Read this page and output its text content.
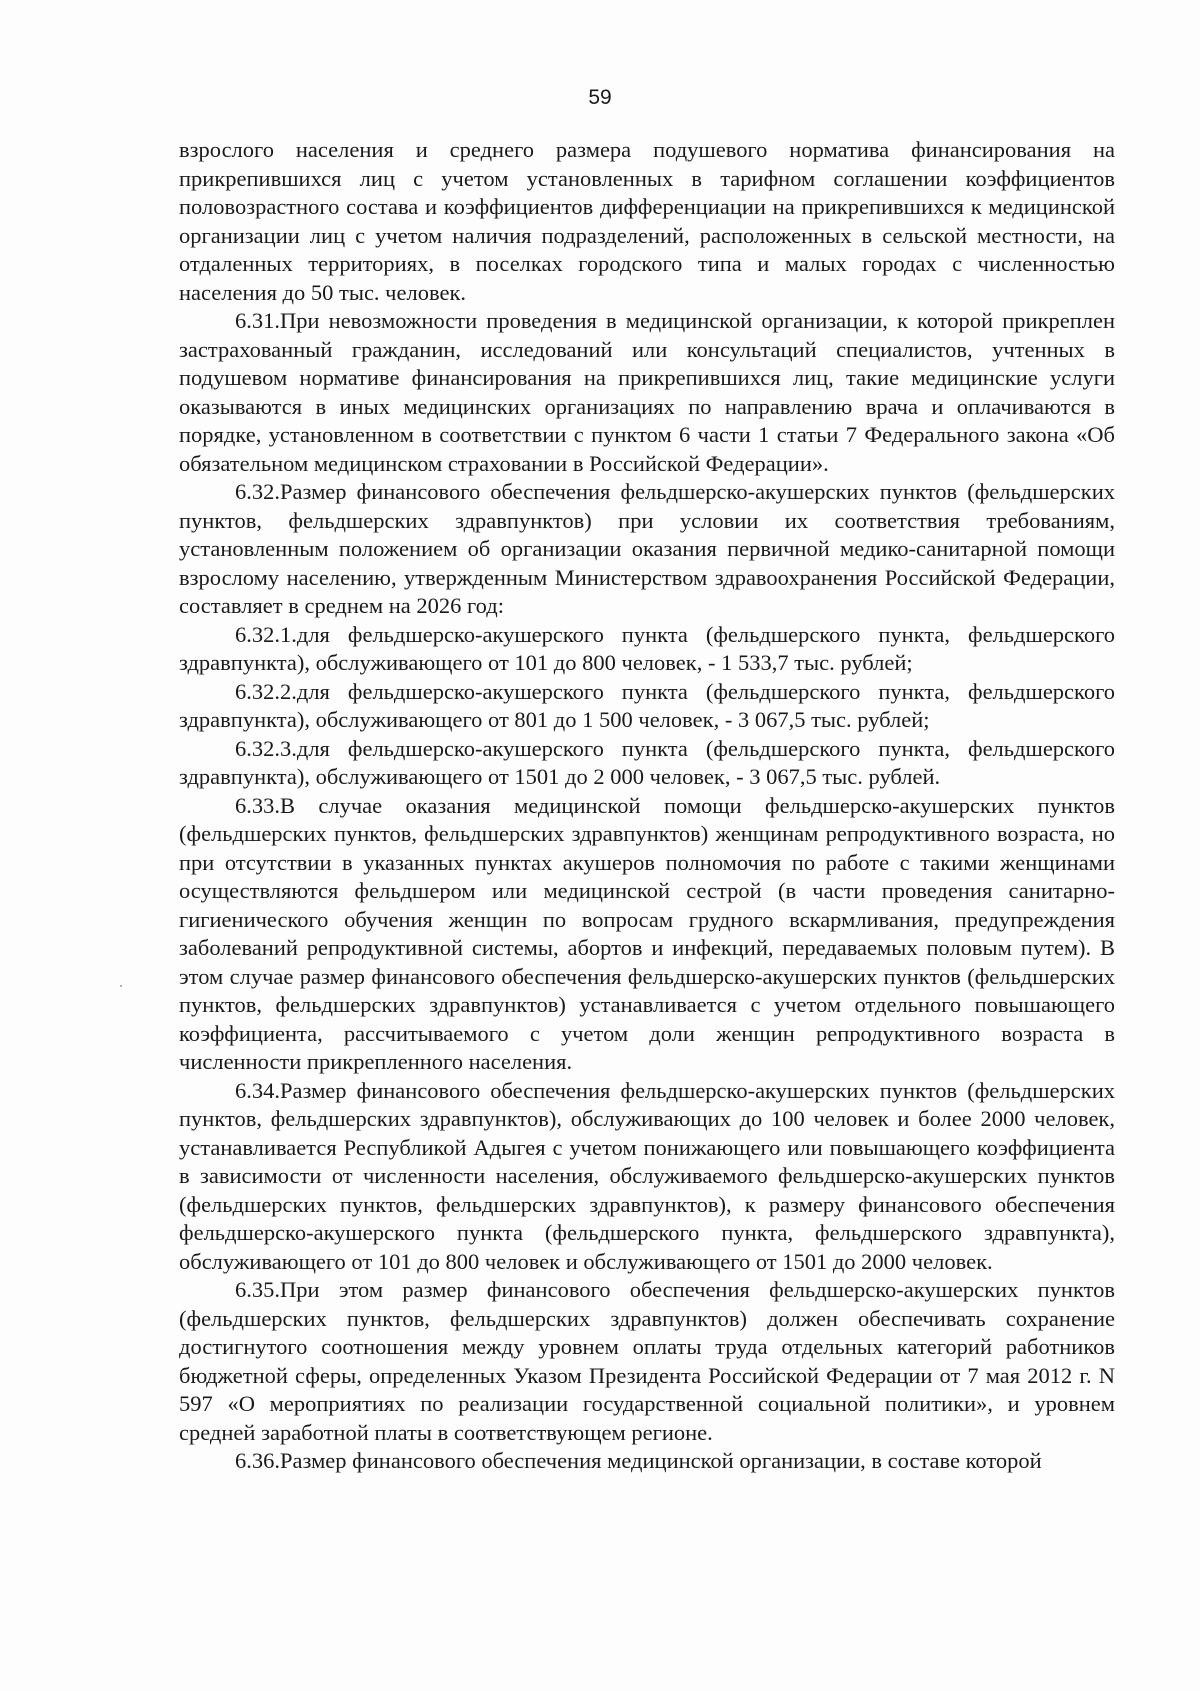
59

взрослого населения и среднего размера подушевого норматива финансирования на прикрепившихся лиц с учетом установленных в тарифном соглашении коэффициентов половозрастного состава и коэффициентов дифференциации на прикрепившихся к медицинской организации лиц с учетом наличия подразделений, расположенных в сельской местности, на отдаленных территориях, в поселках городского типа и малых городах с численностью населения до 50 тыс. человек.

6.31.При невозможности проведения в медицинской организации, к которой прикреплен застрахованный гражданин, исследований или консультаций специалистов, учтенных в подушевом нормативе финансирования на прикрепившихся лиц, такие медицинские услуги оказываются в иных медицинских организациях по направлению врача и оплачиваются в порядке, установленном в соответствии с пунктом 6 части 1 статьи 7 Федерального закона «Об обязательном медицинском страховании в Российской Федерации».

6.32.Размер финансового обеспечения фельдшерско-акушерских пунктов (фельдшерских пунктов, фельдшерских здравпунктов) при условии их соответствия требованиям, установленным положением об организации оказания первичной медико-санитарной помощи взрослому населению, утвержденным Министерством здравоохранения Российской Федерации, составляет в среднем на 2026 год:

6.32.1.для фельдшерско-акушерского пункта (фельдшерского пункта, фельдшерского здравпункта), обслуживающего от 101 до 800 человек, - 1 533,7 тыс. рублей;

6.32.2.для фельдшерско-акушерского пункта (фельдшерского пункта, фельдшерского здравпункта), обслуживающего от 801 до 1 500 человек, - 3 067,5 тыс. рублей;

6.32.3.для фельдшерско-акушерского пункта (фельдшерского пункта, фельдшерского здравпункта), обслуживающего от 1501 до 2 000 человек, - 3 067,5 тыс. рублей.

6.33.В случае оказания медицинской помощи фельдшерско-акушерских пунктов (фельдшерских пунктов, фельдшерских здравпунктов) женщинам репродуктивного возраста, но при отсутствии в указанных пунктах акушеров полномочия по работе с такими женщинами осуществляются фельдшером или медицинской сестрой (в части проведения санитарно-гигиенического обучения женщин по вопросам грудного вскармливания, предупреждения заболеваний репродуктивной системы, абортов и инфекций, передаваемых половым путем). В этом случае размер финансового обеспечения фельдшерско-акушерских пунктов (фельдшерских пунктов, фельдшерских здравпунктов) устанавливается с учетом отдельного повышающего коэффициента, рассчитываемого с учетом доли женщин репродуктивного возраста в численности прикрепленного населения.

6.34.Размер финансового обеспечения фельдшерско-акушерских пунктов (фельдшерских пунктов, фельдшерских здравпунктов), обслуживающих до 100 человек и более 2000 человек, устанавливается Республикой Адыгея с учетом понижающего или повышающего коэффициента в зависимости от численности населения, обслуживаемого фельдшерско-акушерских пунктов (фельдшерских пунктов, фельдшерских здравпунктов), к размеру финансового обеспечения фельдшерско-акушерского пункта (фельдшерского пункта, фельдшерского здравпункта), обслуживающего от 101 до 800 человек и обслуживающего от 1501 до 2000 человек.

6.35.При этом размер финансового обеспечения фельдшерско-акушерских пунктов (фельдшерских пунктов, фельдшерских здравпунктов) должен обеспечивать сохранение достигнутого соотношения между уровнем оплаты труда отдельных категорий работников бюджетной сферы, определенных Указом Президента Российской Федерации от 7 мая 2012 г. N 597 «О мероприятиях по реализации государственной социальной политики», и уровнем средней заработной платы в соответствующем регионе.

6.36.Размер финансового обеспечения медицинской организации, в составе которой
